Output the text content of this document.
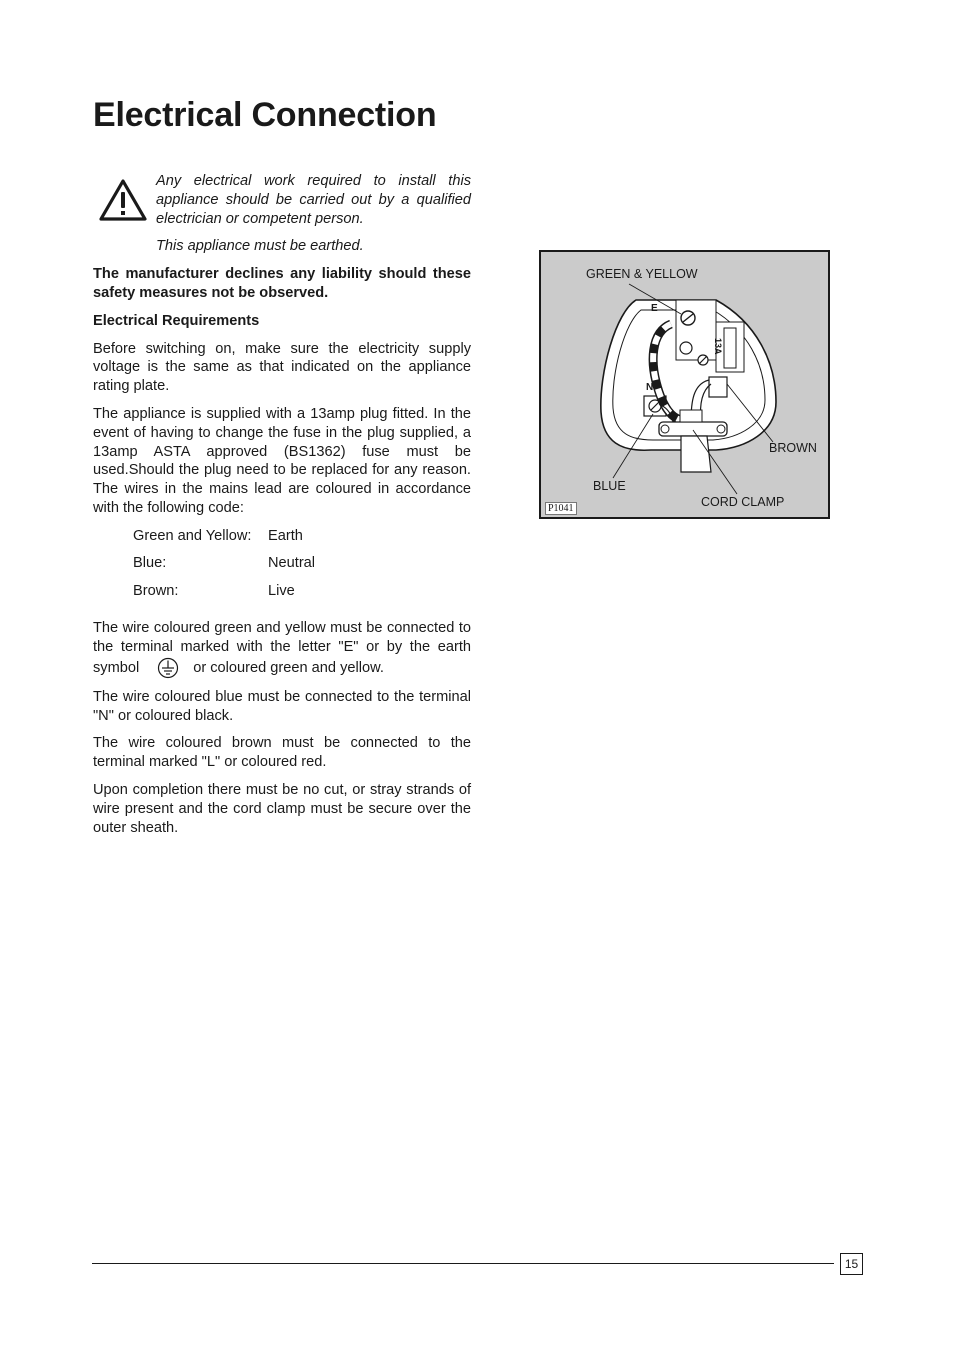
Electrical Connection

Any electrical work required to install this appliance should be carried out by a qualified electrician or competent person.

This appliance must be earthed.

The manufacturer declines any liability should these safety measures not be observed.

Electrical Requirements

Before switching on, make sure the electricity supply voltage is the same as that indicated on the appliance rating plate.

The appliance is supplied with a 13amp plug fitted. In the event of having to change the fuse in the plug supplied, a 13amp ASTA approved (BS1362) fuse must be used.Should the plug need to be replaced for any reason. The wires in the mains lead are coloured in accordance with the following code:

Green and Yellow:	Earth
Blue:	Neutral
Brown:	Live

The wire coloured green and yellow must be connected to the terminal marked with the letter "E" or by the earth symbol	or coloured green and yellow.

The wire coloured blue must be connected to the terminal "N" or coloured black.

The wire coloured brown must be connected to the terminal marked "L" or coloured red.

Upon completion there must be no cut, or stray strands of wire present and the cord clamp must be secure over the outer sheath.

GREEN & YELLOW
BROWN
BLUE
CORD CLAMP
E
N
13A
P1041
15
